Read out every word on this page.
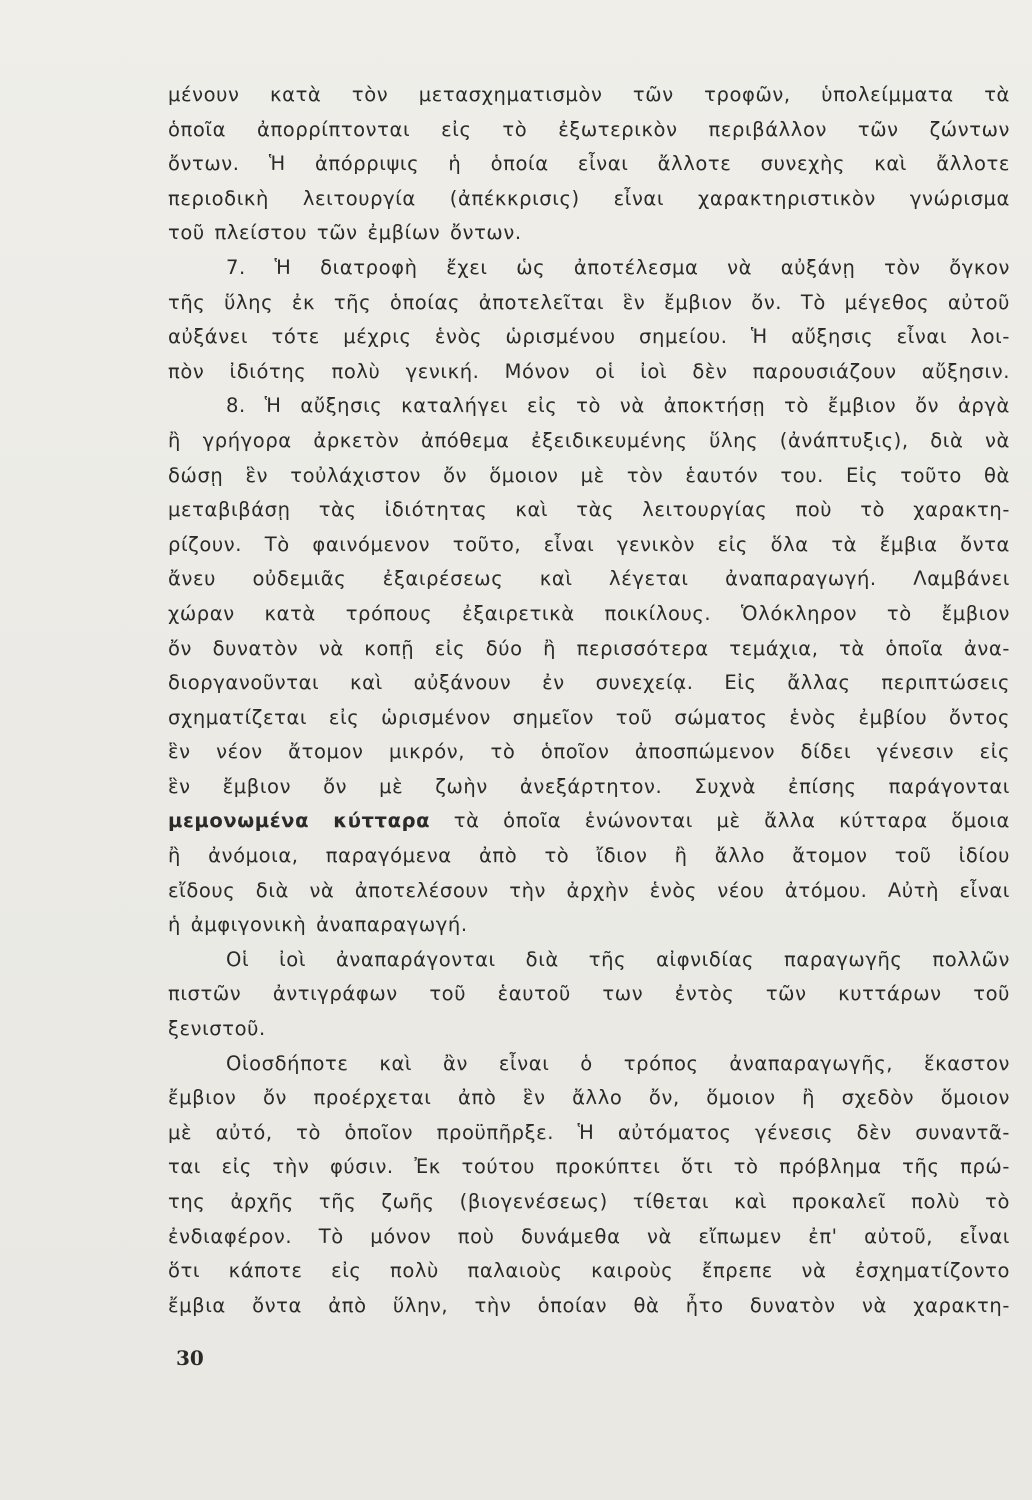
μένουν κατὰ τὸν μετασχηματισμὸν τῶν τροφῶν, ὑπολείμματα τὰ
ὁποῖα ἀπορρίπτονται εἰς τὸ ἐξωτερικὸν περιβάλλον τῶν ζώντων
ὄντων. Ἡ ἀπόρριψις ἡ ὁποία εἶναι ἄλλοτε συνεχὴς καὶ ἄλλοτε
περιοδικὴ λειτουργία (ἀπέκκρισις) εἶναι χαρακτηριστικὸν γνώρισμα
τοῦ πλείστου τῶν ἐμβίων ὄντων.
7. Ἡ διατροφὴ ἔχει ὡς ἀποτέλεσμα νὰ αὐξάνῃ τὸν ὄγκον
τῆς ὕλης ἐκ τῆς ὁποίας ἀποτελεῖται ἓν ἔμβιον ὄν. Τὸ μέγεθος αὐτοῦ
αὐξάνει τότε μέχρις ἑνὸς ὡρισμένου σημείου. Ἡ αὔξησις εἶναι λοι-
πὸν ἰδιότης πολὺ γενική. Μόνον οἱ ἰοὶ δὲν παρουσιάζουν αὔξησιν.
8. Ἡ αὔξησις καταλήγει εἰς τὸ νὰ ἀποκτήσῃ τὸ ἔμβιον ὄν ἀργὰ
ἢ γρήγορα ἀρκετὸν ἀπόθεμα ἐξειδικευμένης ὕλης (ἀνάπτυξις), διὰ νὰ
δώσῃ ἓν τοὐλάχιστον ὄν ὅμοιον μὲ τὸν ἑαυτόν του. Εἰς τοῦτο θὰ
μεταβιβάσῃ τὰς ἰδιότητας καὶ τὰς λειτουργίας ποὺ τὸ χαρακτη-
ρίζουν. Τὸ φαινόμενον τοῦτο, εἶναι γενικὸν εἰς ὅλα τὰ ἔμβια ὄντα
ἄνευ οὐδεμιᾶς ἐξαιρέσεως καὶ λέγεται ἀναπαραγωγή. Λαμβάνει
χώραν κατὰ τρόπους ἐξαιρετικὰ ποικίλους. Ὁλόκληρον τὸ ἔμβιον
ὄν δυνατὸν νὰ κοπῇ εἰς δύο ἢ περισσότερα τεμάχια, τὰ ὁποῖα ἀνα-
διοργανοῦνται καὶ αὐξάνουν ἐν συνεχείᾳ. Εἰς ἄλλας περιπτώσεις
σχηματίζεται εἰς ὡρισμένον σημεῖον τοῦ σώματος ἑνὸς ἐμβίου ὄντος
ἓν νέον ἄτομον μικρόν, τὸ ὁποῖον ἀποσπώμενον δίδει γένεσιν εἰς
ἓν ἔμβιον ὄν μὲ ζωὴν ἀνεξάρτητον. Συχνὰ ἐπίσης παράγονται
μεμονωμένα κύτταρα τὰ ὁποῖα ἑνώνονται μὲ ἄλλα κύτταρα ὅμοια
ἢ ἀνόμοια, παραγόμενα ἀπὸ τὸ ἴδιον ἢ ἄλλο ἄτομον τοῦ ἰδίου
εἴδους διὰ νὰ ἀποτελέσουν τὴν ἀρχὴν ἑνὸς νέου ἀτόμου. Αὐτὴ εἶναι
ἡ ἀμφιγονικὴ ἀναπαραγωγή.
Οἱ ἰοὶ ἀναπαράγονται διὰ τῆς αἰφνιδίας παραγωγῆς πολλῶν
πιστῶν ἀντιγράφων τοῦ ἑαυτοῦ των ἐντὸς τῶν κυττάρων τοῦ
ξενιστοῦ.
Οἱοσδήποτε καὶ ἂν εἶναι ὁ τρόπος ἀναπαραγωγῆς, ἕκαστον
ἔμβιον ὄν προέρχεται ἀπὸ ἓν ἄλλο ὄν, ὅμοιον ἢ σχεδὸν ὅμοιον
μὲ αὐτό, τὸ ὁποῖον προϋπῆρξε. Ἡ αὐτόματος γένεσις δὲν συναντᾶ-
ται εἰς τὴν φύσιν. Ἐκ τούτου προκύπτει ὅτι τὸ πρόβλημα τῆς πρώ-
της ἀρχῆς τῆς ζωῆς (βιογενέσεως) τίθεται καὶ προκαλεῖ πολὺ τὸ
ἐνδιαφέρον. Τὸ μόνον ποὺ δυνάμεθα νὰ εἴπωμεν ἐπ' αὐτοῦ, εἶναι
ὅτι κάποτε εἰς πολὺ παλαιοὺς καιροὺς ἔπρεπε νὰ ἐσχηματίζοντο
ἔμβια ὄντα ἀπὸ ὕλην, τὴν ὁποίαν θὰ ἦτο δυνατὸν νὰ χαρακτη-
30
